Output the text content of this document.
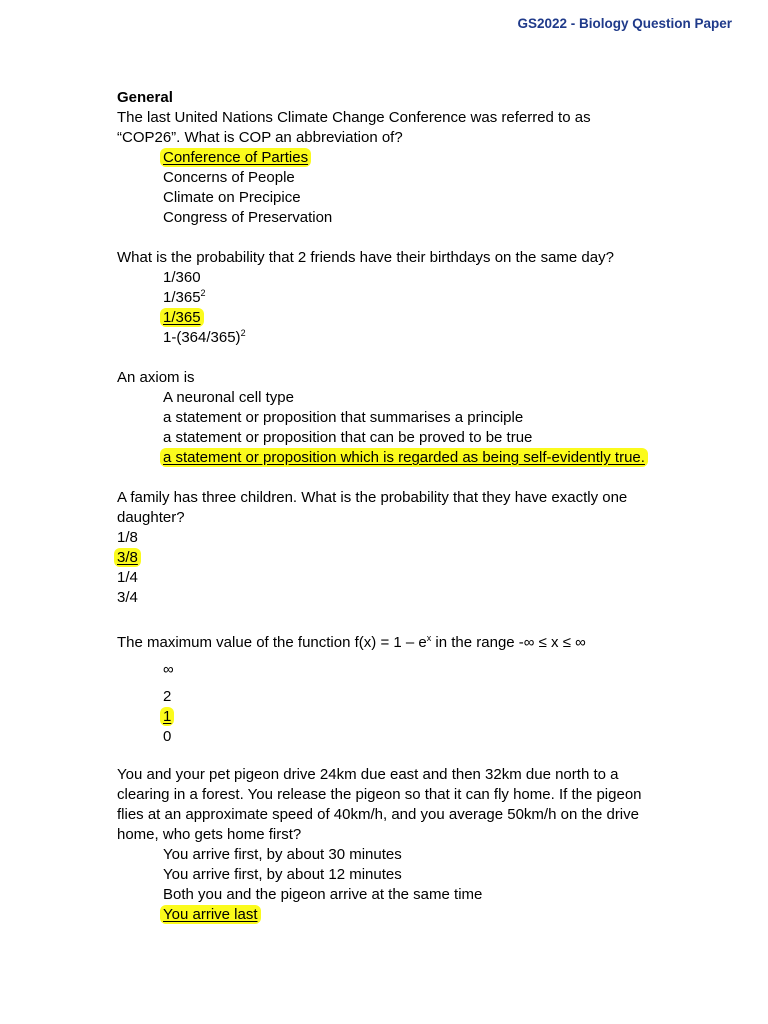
GS2022 - Biology Question Paper
General
The last United Nations Climate Change Conference was referred to as
“COP26”. What is COP an abbreviation of?
Conference of Parties
Concerns of People
Climate on Precipice
Congress of Preservation
What is the probability that 2 friends have their birthdays on the same day?
1/360
$1/365^2$
1/365
$1-(364/365)^2$
An axiom is
A neuronal cell type
a statement or proposition that summarises a principle
a statement or proposition that can be proved to be true
a statement or proposition which is regarded as being self-evidently true.
A family has three children. What is the probability that they have exactly one
daughter?
1/8
3/8
1/4
3/4
The maximum value of the function $f(x) = 1 - e^x$ in the range -∞ ≤ x ≤ ∞
∞
2
1
0
You and your pet pigeon drive 24km due east and then 32km due north to a
clearing in a forest. You release the pigeon so that it can fly home. If the pigeon
flies at an approximate speed of 40km/h, and you average 50km/h on the drive
home, who gets home first?
You arrive first, by about 30 minutes
You arrive first, by about 12 minutes
Both you and the pigeon arrive at the same time
You arrive last
